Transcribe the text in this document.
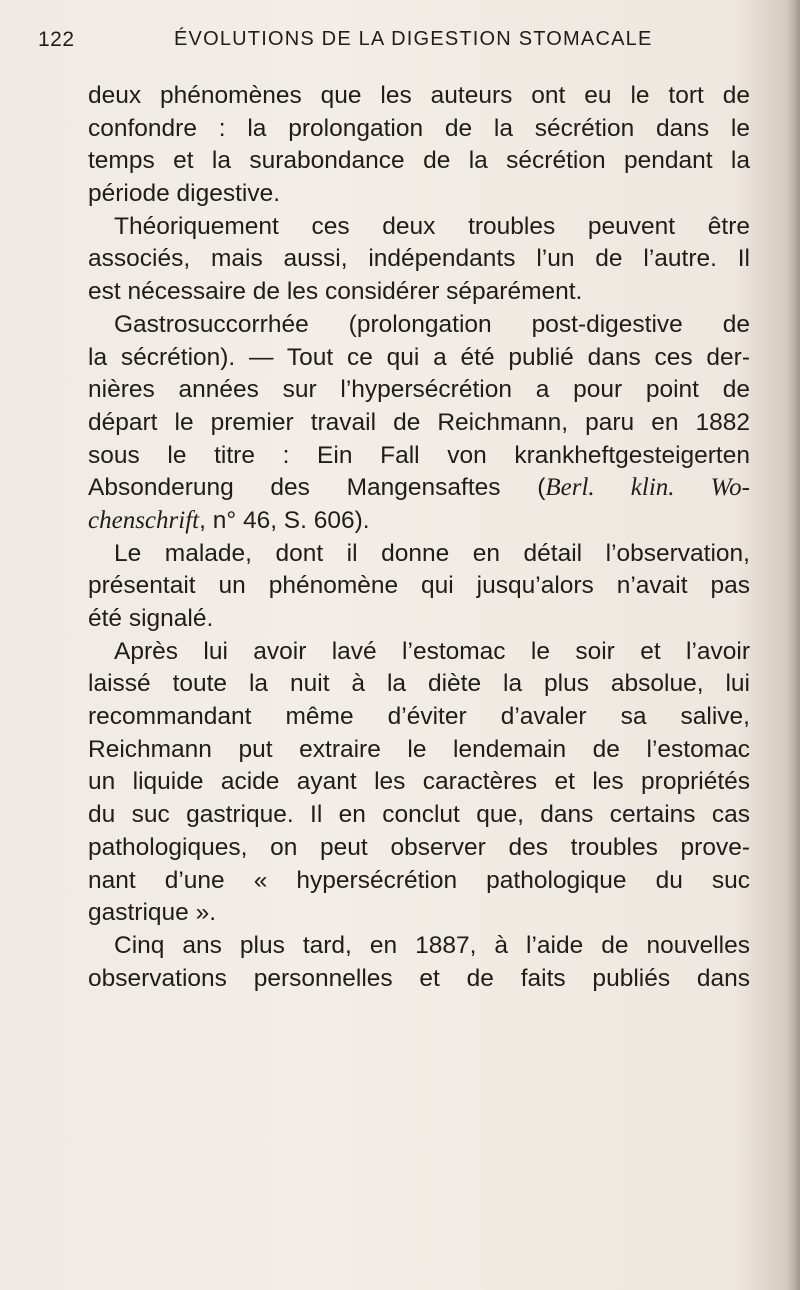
122	ÉVOLUTIONS DE LA DIGESTION STOMACALE
deux phénomènes que les auteurs ont eu le tort de
confondre : la prolongation de la sécrétion dans le
temps et la surabondance de la sécrétion pendant la
période digestive.
Théoriquement ces deux troubles peuvent être
associés, mais aussi, indépendants l’un de l’autre. Il
est nécessaire de les considérer séparément.
Gastrosuccorrhée (prolongation post-digestive de
la sécrétion). — Tout ce qui a été publié dans ces der-
nières années sur l’hypersécrétion a pour point de
départ le premier travail de Reichmann, paru en 1882
sous le titre : Ein Fall von krankheftgesteigerten
Absonderung des Mangensaftes (Berl. klin. Wo-
chenschrift, n° 46, S. 606).
Le malade, dont il donne en détail l’observation,
présentait un phénomène qui jusqu’alors n’avait pas
été signalé.
Après lui avoir lavé l’estomac le soir et l’avoir
laissé toute la nuit à la diète la plus absolue, lui
recommandant même d’éviter d’avaler sa salive,
Reichmann put extraire le lendemain de l’estomac
un liquide acide ayant les caractères et les propriétés
du suc gastrique. Il en conclut que, dans certains cas
pathologiques, on peut observer des troubles prove-
nant d’une « hypersécrétion pathologique du suc
gastrique ».
Cinq ans plus tard, en 1887, à l’aide de nouvelles
observations personnelles et de faits publiés dans
